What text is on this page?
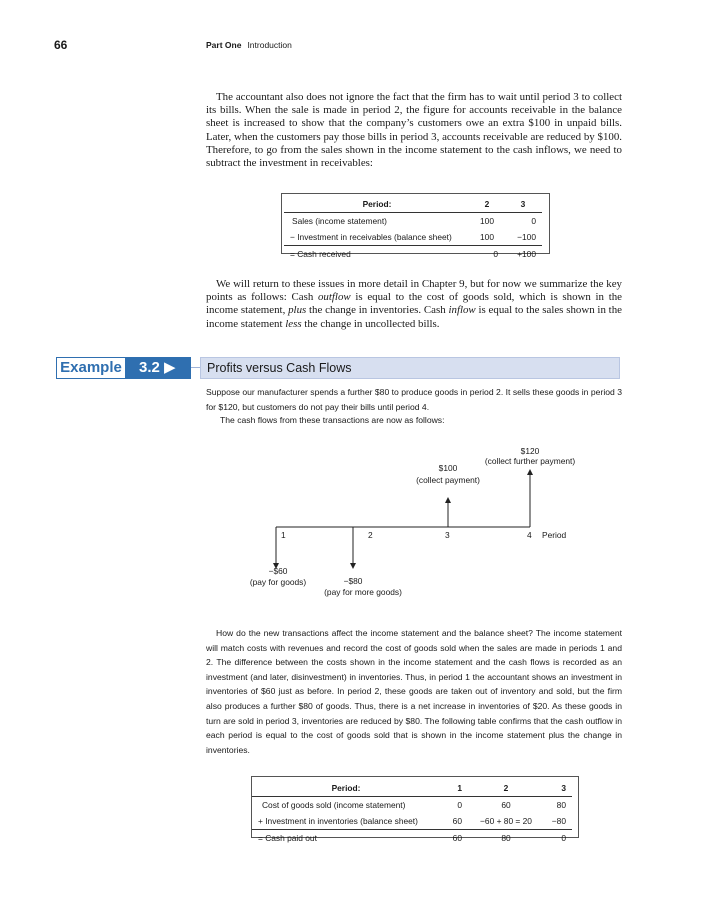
66	Part One Introduction
The accountant also does not ignore the fact that the firm has to wait until period 3 to collect its bills. When the sale is made in period 2, the figure for accounts receivable in the balance sheet is increased to show that the company’s customers owe an extra $100 in unpaid bills. Later, when the customers pay those bills in period 3, accounts receivable are reduced by $100. Therefore, to go from the sales shown in the income statement to the cash inflows, we need to subtract the investment in receivables:
Period:	2	3
Sales (income statement)	100	0
− Investment in receivables (balance sheet)	100	−100
= Cash received	0	+100
We will return to these issues in more detail in Chapter 9, but for now we summarize the key points as follows: Cash outflow is equal to the cost of goods sold, which is shown in the income statement, plus the change in inventories. Cash inflow is equal to the sales shown in the income statement less the change in uncollected bills.
Example	3.2 ▶	Profits versus Cash Flows
Suppose our manufacturer spends a further $80 to produce goods in period 2. It sells these goods in period 3 for $120, but customers do not pay their bills until period 4.
The cash flows from these transactions are now as follows:
1	2	3	4 Period
−$60
(pay for goods)	−$80
(pay for more goods)
$100
(collect payment)
$120
(collect further payment)
How do the new transactions affect the income statement and the balance sheet? The income statement will match costs with revenues and record the cost of goods sold when the sales are made in periods 1 and 2. The difference between the costs shown in the income statement and the cash flows is recorded as an investment (and later, disinvestment) in inventories. Thus, in period 1 the accountant shows an investment in inventories of $60 just as before. In period 2, these goods are taken out of inventory and sold, but the firm also produces a further $80 of goods. Thus, there is a net increase in inventories of $20. As these goods in turn are sold in period 3, inventories are reduced by $80. The following table confirms that the cash outflow in each period is equal to the cost of goods sold that is shown in the income statement plus the change in inventories.
Period:	1	2	3
Cost of goods sold (income statement)	0	60	80
+ Investment in inventories (balance sheet)	60	−60 + 80 = 20	−80
= Cash paid out	60	80	0
